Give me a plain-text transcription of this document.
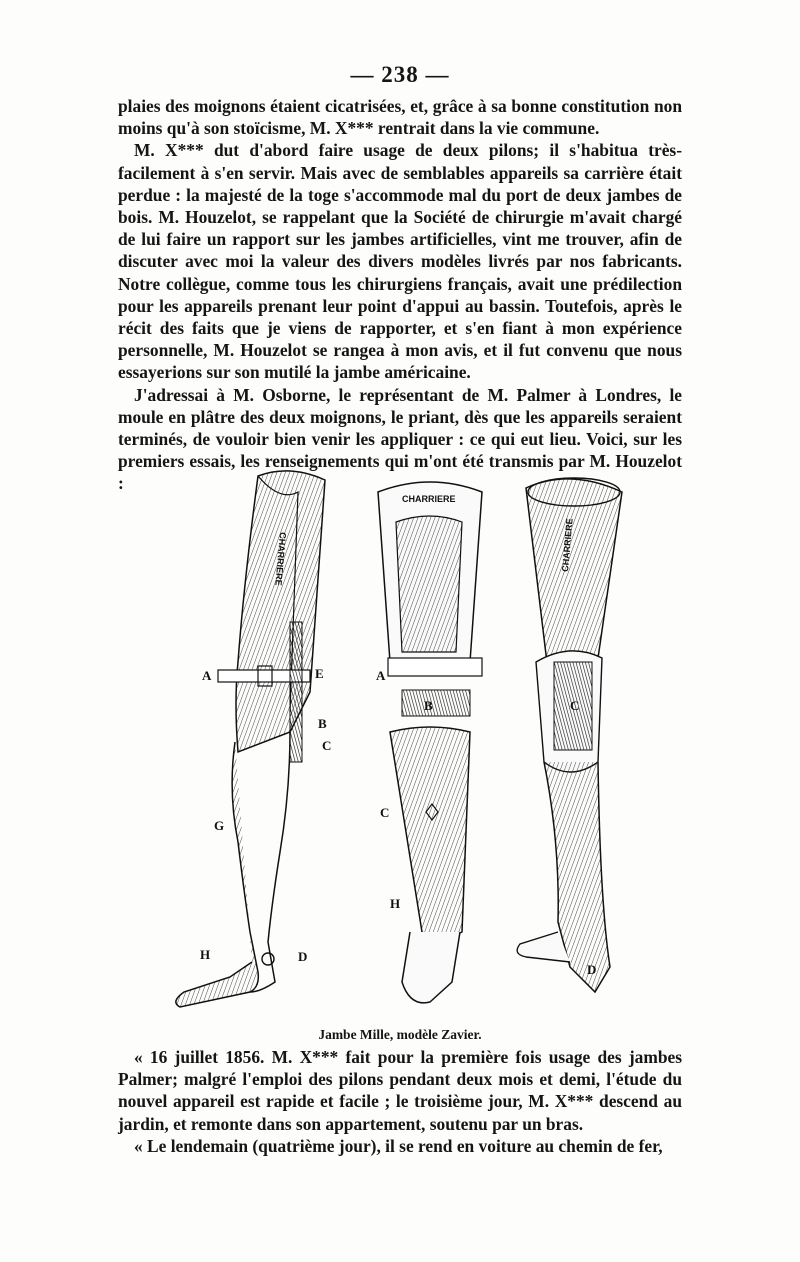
— 238 —

plaies des moignons étaient cicatrisées, et, grâce à sa bonne constitution non moins qu'à son stoïcisme, M. X*** rentrait dans la vie commune.

M. X*** dut d'abord faire usage de deux pilons; il s'habitua très-facilement à s'en servir. Mais avec de semblables appareils sa carrière était perdue : la majesté de la toge s'accommode mal du port de deux jambes de bois. M. Houzelot, se rappelant que la Société de chirurgie m'avait chargé de lui faire un rapport sur les jambes artificielles, vint me trouver, afin de discuter avec moi la valeur des divers modèles livrés par nos fabricants. Notre collègue, comme tous les chirurgiens français, avait une prédilection pour les appareils prenant leur point d'appui au bassin. Toutefois, après le récit des faits que je viens de rapporter, et s'en fiant à mon expérience personnelle, M. Houzelot se rangea à mon avis, et il fut convenu que nous essayerions sur son mutilé la jambe américaine.

J'adressai à M. Osborne, le représentant de M. Palmer à Londres, le moule en plâtre des deux moignons, le priant, dès que les appareils seraient terminés, de vouloir bien venir les appliquer : ce qui eut lieu. Voici, sur les premiers essais, les renseignements qui m'ont été transmis par M. Houzelot :

CHARRIERE
A	E
B
C
G
H	D
CHARRIERE
A
B
C
H
CHARRIERE
C
D
Jambe Mille, modèle Zavier.

« 16 juillet 1856. M. X*** fait pour la première fois usage des jambes Palmer; malgré l'emploi des pilons pendant deux mois et demi, l'étude du nouvel appareil est rapide et facile ; le troisième jour, M. X*** descend au jardin, et remonte dans son appartement, soutenu par un bras.

« Le lendemain (quatrième jour), il se rend en voiture au chemin de fer,
